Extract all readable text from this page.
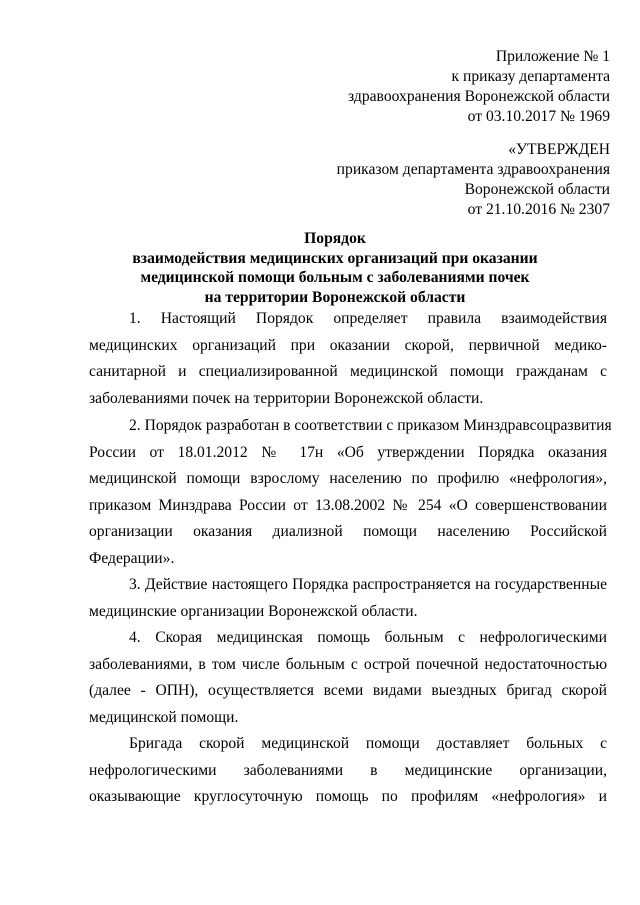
Приложение № 1
к приказу департамента
здравоохранения Воронежской области
от 03.10.2017 № 1969
«УТВЕРЖДЕН
приказом департамента здравоохранения
Воронежской области
от 21.10.2016 № 2307
Порядок
взаимодействия медицинских организаций при оказании
медицинской помощи больным с заболеваниями почек
на территории Воронежской области
1. Настоящий Порядок определяет правила взаимодействия
медицинских организаций при оказании скорой, первичной медико-
санитарной и специализированной медицинской помощи гражданам с
заболеваниями почек на территории Воронежской области.
2. Порядок разработан в соответствии с приказом Минздравсоцразвития
России от 18.01.2012 № 17н «Об утверждении Порядка оказания
медицинской помощи взрослому населению по профилю «нефрология»,
приказом Минздрава России от 13.08.2002 № 254 «О совершенствовании
организации оказания диализной помощи населению Российской
Федерации».
3. Действие настоящего Порядка распространяется на государственные
медицинские организации Воронежской области.
4. Скорая медицинская помощь больным с нефрологическими
заболеваниями, в том числе больным с острой почечной недостаточностью
(далее - ОПН), осуществляется всеми видами выездных бригад скорой
медицинской помощи.
Бригада скорой медицинской помощи доставляет больных с
нефрологическими заболеваниями в медицинские организации,
оказывающие круглосуточную помощь по профилям «нефрология» и
